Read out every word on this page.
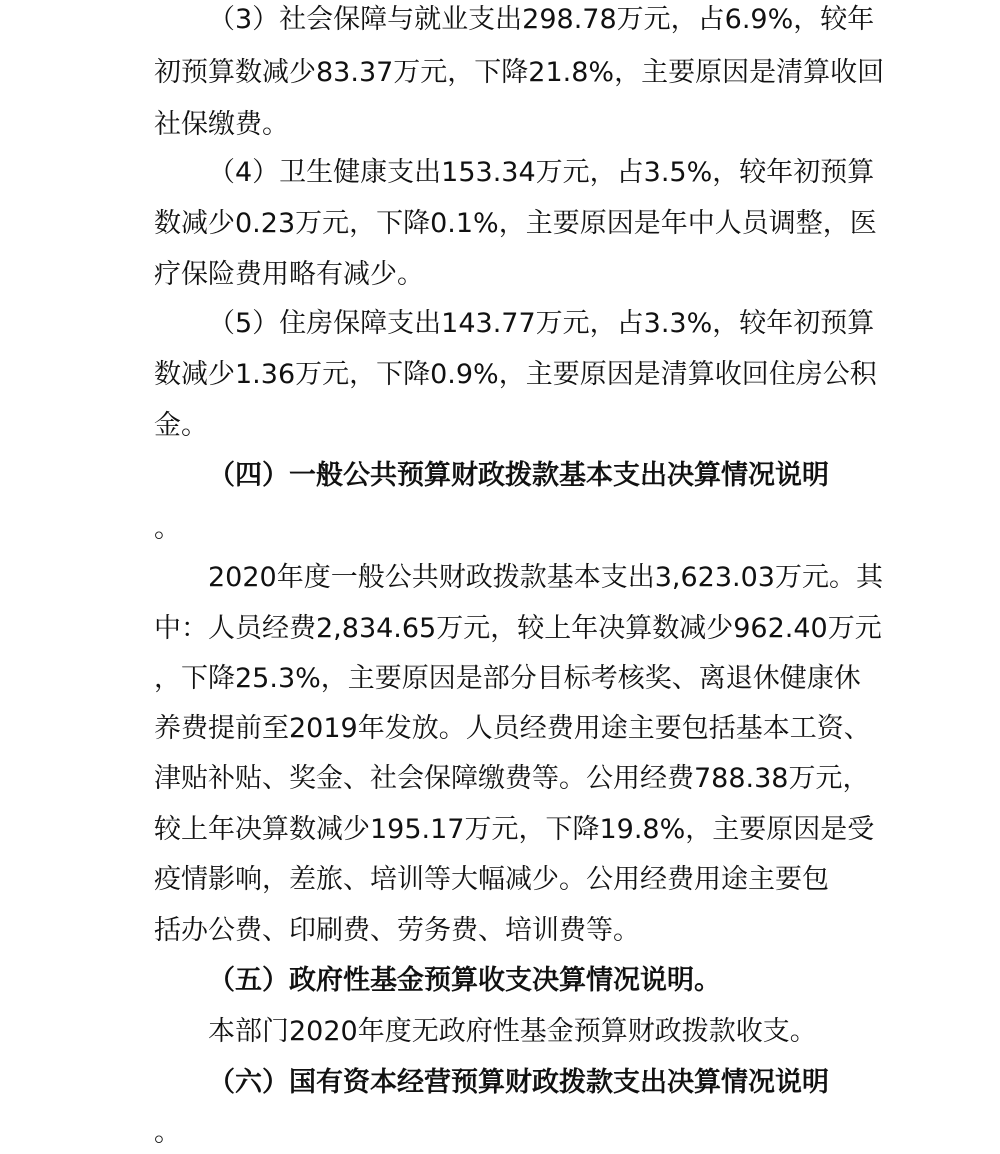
（3）社会保障与就业支出298.78万元，占6.9%，较年

初预算数减少83.37万元，下降21.8%，主要原因是清算收回

社保缴费。

（4）卫生健康支出153.34万元，占3.5%，较年初预算

数减少0.23万元，下降0.1%，主要原因是年中人员调整，医

疗保险费用略有减少。

（5）住房保障支出143.77万元，占3.3%，较年初预算

数减少1.36万元，下降0.9%，主要原因是清算收回住房公积

金。

（四）一般公共预算财政拨款基本支出决算情况说明

。

2020年度一般公共财政拨款基本支出3,623.03万元。其

中：人员经费2,834.65万元，较上年决算数减少962.40万元

，下降25.3%，主要原因是部分目标考核奖、离退休健康休

养费提前至2019年发放。人员经费用途主要包括基本工资、

津贴补贴、奖金、社会保障缴费等。公用经费788.38万元，

较上年决算数减少195.17万元，下降19.8%，主要原因是受

疫情影响，差旅、培训等大幅减少。公用经费用途主要包

括办公费、印刷费、劳务费、培训费等。

（五）政府性基金预算收支决算情况说明。

本部门2020年度无政府性基金预算财政拨款收支。

（六）国有资本经营预算财政拨款支出决算情况说明

。
